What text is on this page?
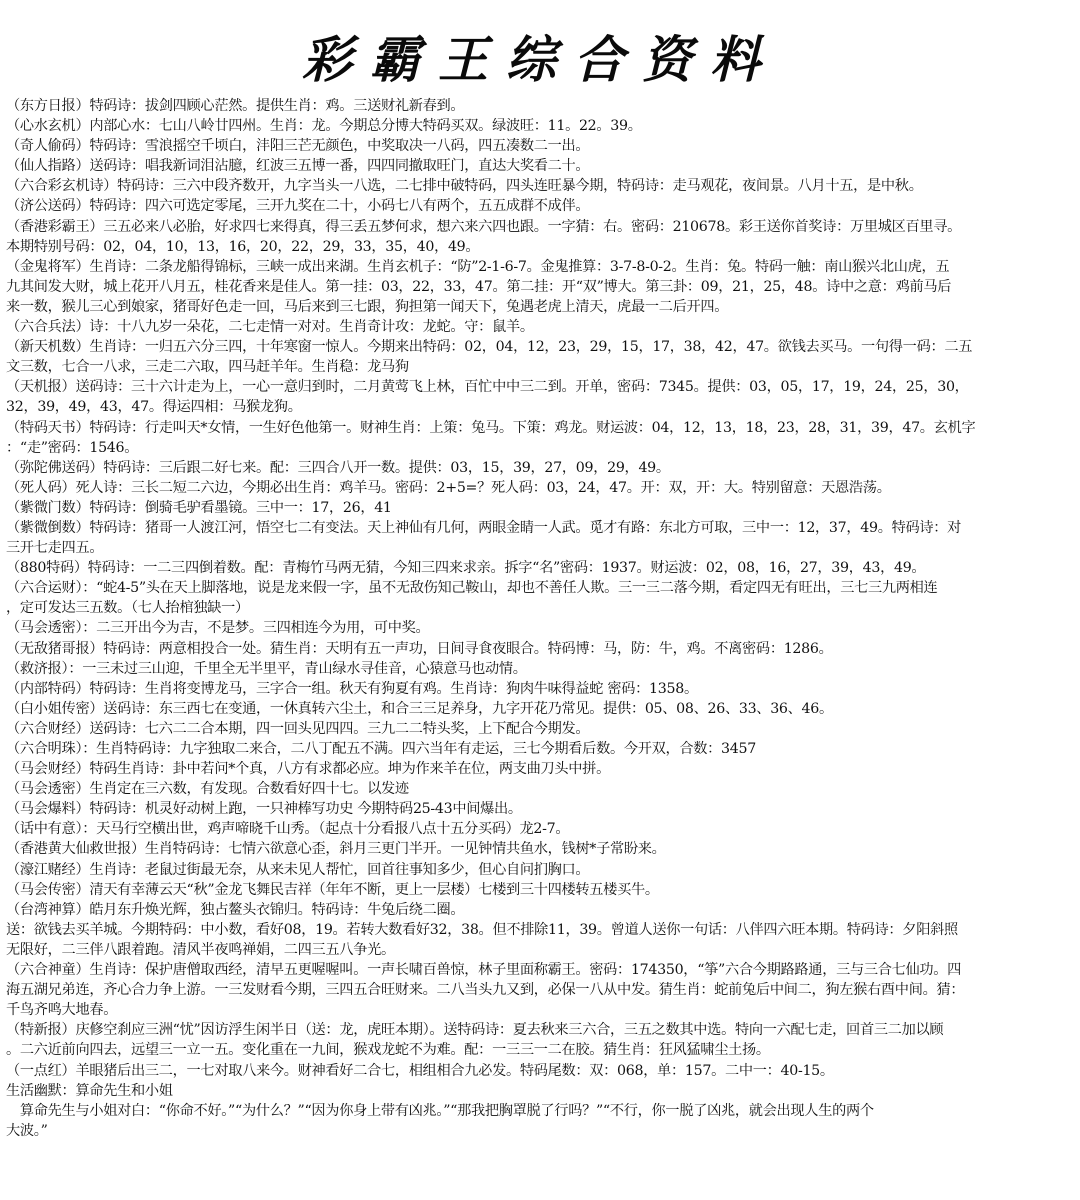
彩霸王综合资料
（东方日报）特码诗：拔剑四顾心茫然。提供生肖：鸡。三送财礼新春到。
（心水玄机）内部心水：七山八岭廿四州。生肖：龙。今期总分博大特码买双。绿波旺：11。22。39。
（奇人偷码）特码诗：雪浪摇空千顷白，沣阳三芒无颜色，中奖取决一八码，四五凑数二一出。
（仙人指路）送码诗：唱我新词泪沾臆，红波三五博一番，四四同撤取旺门，直达大奖看二十。
（六合彩玄机诗）特码诗：三六中段齐数开，九字当头一八选，二七排中破特码，四头连旺暴今期，特码诗：走马观花，夜间景。八月十五，是中秋。
（济公送码）特码诗：四六可选定零尾，三开九奖在二十，小码七八有两个，五五成群不成伴。
（香港彩霸王）三五必来八必胎，好求四七来得真，得三丢五梦何求，想六来六四也跟。一字猜：右。密码：210678。彩王送你首奖诗：万里城区百里寻。
本期特别号码：02，04，10，13，16，20，22，29，33，35，40，49。
（金鬼将军）生肖诗：二条龙船得锦标，三峡一成出来湖。生肖玄机子：“防”2-1-6-7。金鬼推算：3-7-8-0-2。生肖：兔。特码一触：南山猴兴北山虎，五
九其间发大财，城上花开八月五，桂花香来是佳人。第一挂：03，22，33，47。第二挂：开“双”博大。第三卦：09，21，25，48。诗中之意：鸡前马后
来一数，猴儿三心到娘家，猪哥好色走一回，马后来到三七跟，狗担第一闻天下，兔遇老虎上清天，虎最一二后开四。
（六合兵法）诗：十八九岁一朵花，二七走情一对对。生肖奇计攻：龙蛇。守：鼠羊。
（新天机数）生肖诗：一归五六分三四，十年寒窗一惊人。今期来出特码：02，04，12，23，29，15，17，38，42，47。欲钱去买马。一句得一码：二五
文三数，七合一八求，三走二六取，四马赶羊年。生肖稳：龙马狗
（天机报）送码诗：三十六计走为上，一心一意归到时，二月黄莺飞上林，百忙中中三二到。开单，密码：7345。提供：03，05，17，19，24，25，30，
32，39，49，43，47。得运四相：马猴龙狗。
（特码天书）特码诗：行走叫天*女情，一生好色他第一。财神生肖：上策：兔马。下策：鸡龙。财运波：04，12，13，18，23，28，31，39，47。玄机字
：“走”密码：1546。
（弥陀佛送码）特码诗：三后跟二好七来。配：三四合八开一数。提供：03，15，39，27，09，29，49。
（死人码）死人诗：三长二短二六边，今期必出生肖：鸡羊马。密码：2+5=？死人码：03，24，47。开：双，开：大。特别留意：天恩浩荡。
（紫微门数）特码诗：倒骑毛驴看墨镜。三中一：17，26，41
（紫微倒数）特码诗：猪哥一人渡江河，悟空七二有变法。天上神仙有几何，两眼金睛一人武。觅才有路：东北方可取，三中一：12，37，49。特码诗：对
三开七走四五。
（880特码）特码诗：一二三四倒着数。配：青梅竹马两无猜，今知三四来求亲。拆字“名”密码：1937。财运波：02，08，16，27，39，43，49。
（六合运财）：“蛇4-5”头在天上脚落地，说是龙来假一字，虽不无敌伤知己鞍山，却也不善任人欺。三一三二落今期，看定四无有旺出，三七三九两相连
，定可发达三五数。（七人抬棺独缺一）
（马会透密）：二三开出今为吉，不是梦。三四相连今为用，可中奖。
（无敌猪哥报）特码诗：两意相投合一处。猜生肖：天明有五一声功，日间寻食夜眼合。特码博：马，防：牛，鸡。不离密码：1286。
（救济报）：一三未过三山迎，千里全无半里平，青山绿水寻佳音，心猿意马也动情。
（内部特码）特码诗：生肖将变博龙马，三字合一组。秋天有狗夏有鸡。生肖诗：狗肉牛味得益蛇 密码：1358。
（白小姐传密）送码诗：东三西七在变通，一休真转六尘土，和合三三足养身，九字开花乃常见。提供：05、08、26、33、36、46。
（六合财经）送码诗：七六二二合本期，四一回头见四四。三九二二特头奖，上下配合今期发。
（六合明珠）：生肖特码诗：九字独取二来合，二八丁配五不满。四六当年有走运，三七今期看后数。今开双，合数：3457
（马会财经）特码生肖诗：卦中若问*个真，八方有求都必应。坤为作来羊在位，两支曲刀头中拼。
（马会透密）生肖定在三六数，有发现。合数看好四十七。以发迹
（马会爆料）特码诗：机灵好动树上跑，一只神棒写功史 今期特码25-43中间爆出。
（话中有意）：天马行空横出世，鸡声啼晓千山秀。（起点十分看报八点十五分买码）龙2-7。
（香港黄大仙救世报）生肖特码诗：七情六欲意心歪，斜月三更门半开。一见钟情共鱼水，钱树*子常盼来。
（濠江赌经）生肖诗：老鼠过街最无奈，从来未见人帮忙，回首往事知多少，但心自问扪胸口。
（马会传密）清天有幸薄云天“秋”金龙飞舞民吉祥（年年不断，更上一层楼）七楼到三十四楼转五楼买牛。
（台湾神算）皓月东升焕光辉，独占鳌头衣锦归。特码诗：牛兔后绕二圈。
送：欲钱去买羊城。今期特码：中小数，看好08，19。若转大数看好32，38。但不排除11，39。曾道人送你一句话：八伴四六旺本期。特码诗：夕阳斜照
无限好，二三伴八跟着跑。清风半夜鸣禅娟，二四三五八争光。
（六合神童）生肖诗：保护唐僧取西经，清早五更喔喔叫。一声长啸百兽惊，林子里面称霸王。密码：174350，“筝”六合今期路路通，三与三合七仙功。四
海五湖兄弟连，齐心合力争上游。一三发财看今期，三四五合旺财来。二八当头九又到，必保一八从中发。猜生肖：蛇前兔后中间二，狗左猴右酉中间。猜：
千鸟齐鸣大地春。
（特新报）庆修空刹应三洲“忧”因访浮生闲半日（送：龙，虎旺本期）。送特码诗：夏去秋来三六合，三五之数其中选。特向一六配七走，回首三二加以顾
。二六近前向四去，远望三一立一五。变化重在一九间，猴戏龙蛇不为难。配：一三三一二在胶。猜生肖：狂风猛啸尘土扬。
（一点红）羊眼猪后出三二，一七对取八来今。财神看好二合七，相组相合九必发。特码尾数：双：068，单：157。二中一：40-15。
生活幽默：算命先生和小姐
　算命先生与小姐对白：“你命不好。”“为什么？”“因为你身上带有凶兆。”“那我把胸罩脱了行吗？”“不行，你一脱了凶兆，就会出现人生的两个
大波。”
